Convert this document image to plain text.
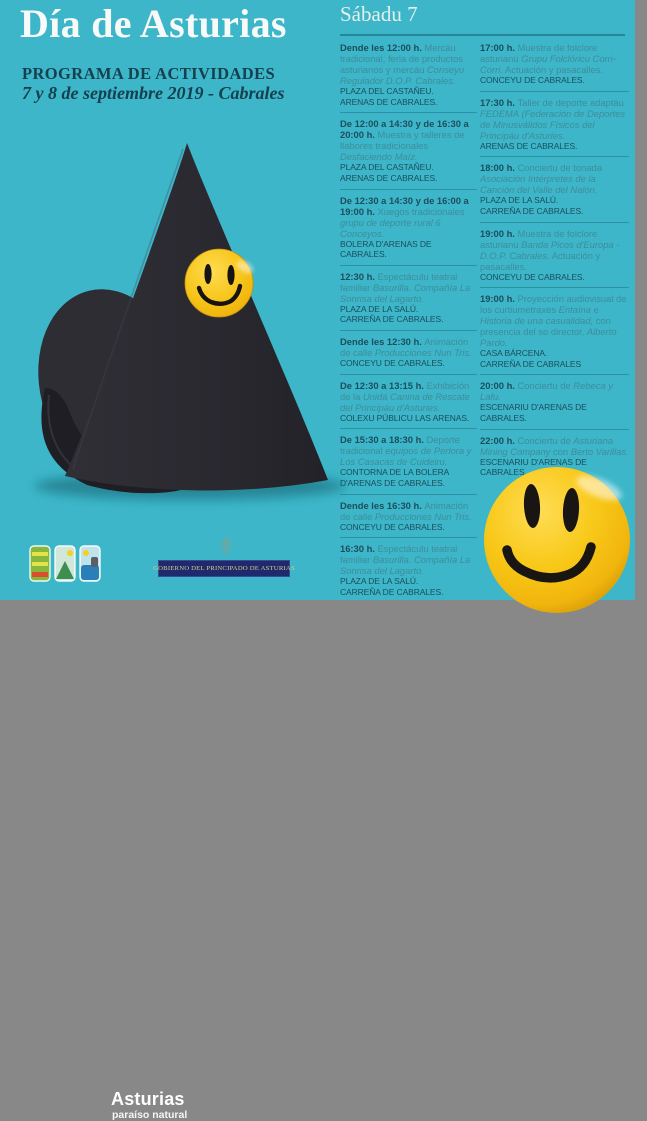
Día de Asturias
PROGRAMA DE ACTIVIDADES
7 y 8 de septiembre 2019 - Cabrales
Sábadu 7
Dende les 12:00 h. Mercáu tradicional, feria de productos asturianos y mercáu Conseyu Regulador D.O.P. Cabrales.
PLAZA DEL CASTAÑEU.
ARENAS DE CABRALES.
De 12:00 a 14:30 y de 16:30 a 20:00 h. Muestra y talleres de llabores tradicionales Desfaciendo Maíz.
PLAZA DEL CASTAÑEU.
ARENAS DE CABRALES.
De 12:30 a 14:30 y de 16:00 a 19:00 h. Xuegos tradicionales grupu de deporte rural 6 Conceyos.
BOLERA D'ARENAS DE CABRALES.
12:30 h. Espectáculu teatral familiar Basurilla. Compañía La Sonrisa del Lagarto.
PLAZA DE LA SALÚ.
CARREÑA DE CABRALES.
Dende les 12:30 h. Animación de calle Producciones Nun Tris.
CONCEYU DE CABRALES.
De 12:30 a 13:15 h. Exhibición de la Unidá Canina de Rescate del Principáu d'Asturies.
COLEXU PÚBLICU LAS ARENAS.
De 15:30 a 18:30 h. Deporte tradicional equipos de Perlora y Los Casacas de Cuideiru.
CONTORNA DE LA BOLERA D'ARENAS DE CABRALES.
Dende les 16:30 h. Animación de calle Producciones Nun Tris.
CONCEYU DE CABRALES.
16:30 h. Espectáculu teatral familiar Basurilla. Compañía La Sonrisa del Lagarto.
PLAZA DE LA SALÚ.
CARREÑA DE CABRALES.
17:00 h. Muestra de folclore asturianu Grupu Folclóricu Corri-Corri. Actuación y pasacalles.
CONCEYU DE CABRALES.
17:30 h. Taller de deporte adaptáu FEDEMA (Federación de Deportes de Minusválidos Físicos del Principáu d'Asturies.
ARENAS DE CABRALES.
18:00 h. Conciertu de tonada Asociación Intérpretes de la Canción del Valle del Nalón.
PLAZA DE LA SALÚ.
CARREÑA DE CABRALES.
19:00 h. Muestra de folclore asturianu Banda Picos d'Europa - D.O.P. Cabrales. Actuación y pasacalles.
CONCEYU DE CABRALES.
19:00 h. Proyección audiovisual de los curtiumetraxes Entaína e Historia de una casualidad, con presencia del so director, Alberto Pardo.
CASA BÁRCENA.
CARREÑA DE CABRALES
20:00 h. Conciertu de Rebeca y Lafu.
ESCENARIU D'ARENAS DE CABRALES.
22:00 h. Conciertu de Asturiana Mining Company con Berto Varillas.
ESCENARIU D'ARENAS DE CABRALES.
Asturias
paraíso natural
GOBIERNO DEL PRINCIPADO DE ASTURIAS
